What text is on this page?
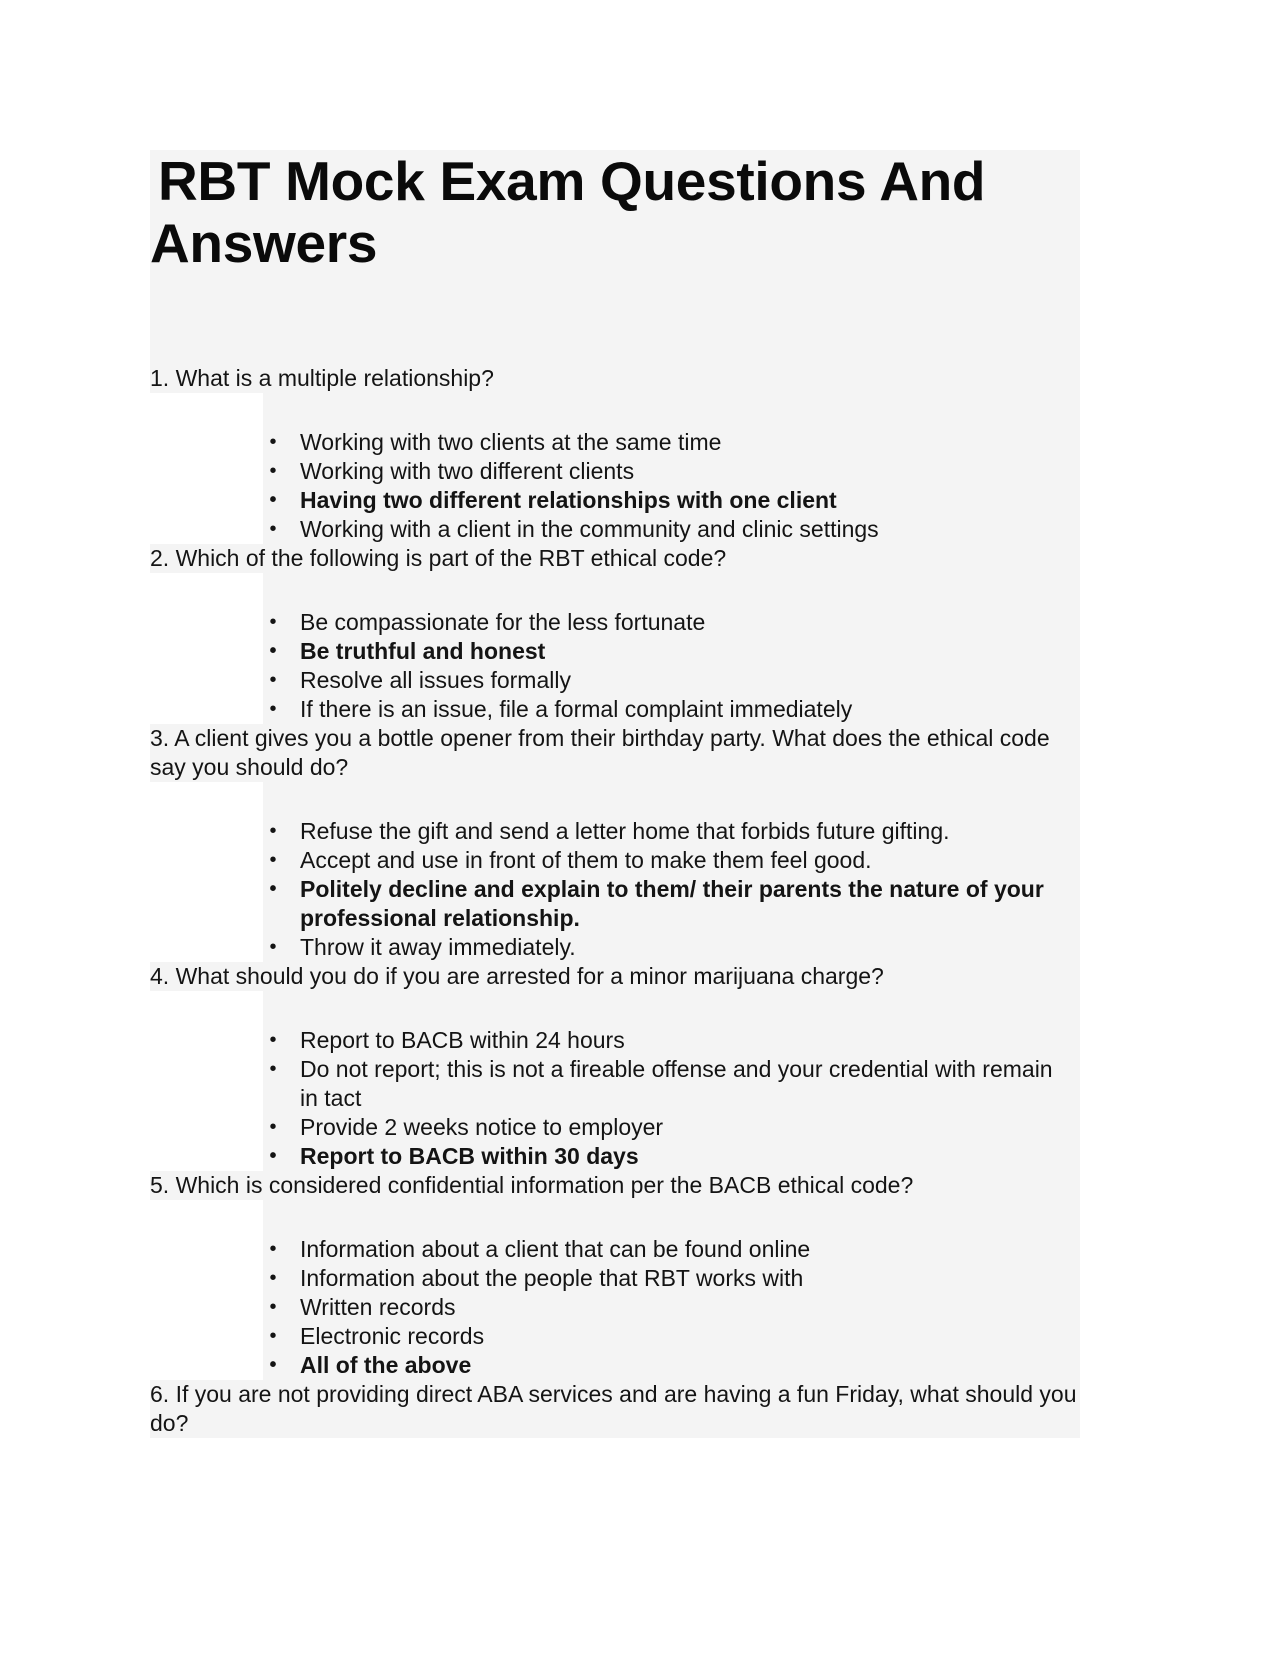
RBT Mock Exam Questions And
Answers

1. What is a multiple relationship?

• Working with two clients at the same time
• Working with two different clients
• Having two different relationships with one client
• Working with a client in the community and clinic settings

2. Which of the following is part of the RBT ethical code?

• Be compassionate for the less fortunate
• Be truthful and honest
• Resolve all issues formally
• If there is an issue, file a formal complaint immediately

3. A client gives you a bottle opener from their birthday party. What does the ethical code say you should do?

• Refuse the gift and send a letter home that forbids future gifting.
• Accept and use in front of them to make them feel good.
• Politely decline and explain to them/ their parents the nature of your professional relationship.
• Throw it away immediately.

4. What should you do if you are arrested for a minor marijuana charge?

• Report to BACB within 24 hours
• Do not report; this is not a fireable offense and your credential with remain in tact
• Provide 2 weeks notice to employer
• Report to BACB within 30 days

5. Which is considered confidential information per the BACB ethical code?

• Information about a client that can be found online
• Information about the people that RBT works with
• Written records
• Electronic records
• All of the above

6. If you are not providing direct ABA services and are having a fun Friday, what should you do?
